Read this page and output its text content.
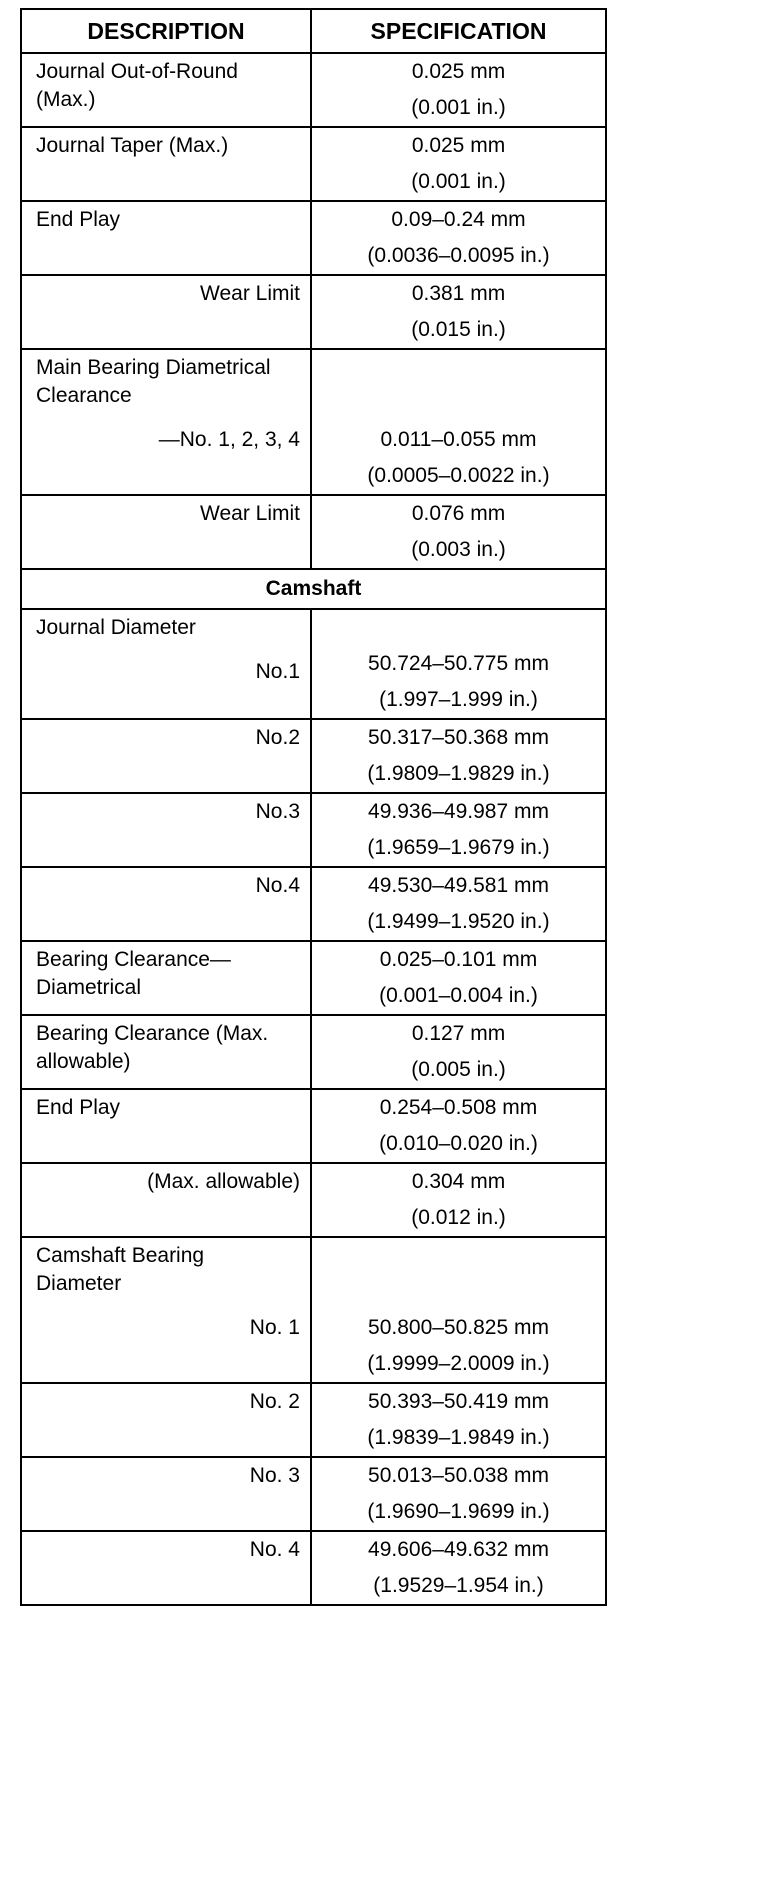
DESCRIPTION	SPECIFICATION

Journal Out-of-Round
(Max.)	0.025 mm
(0.001 in.)

Journal Taper (Max.)	0.025 mm
(0.001 in.)

End Play	0.09–0.24 mm
(0.0036–0.0095 in.)

Wear Limit	0.381 mm
(0.015 in.)

Main Bearing Diametrical
Clearance
—No. 1, 2, 3, 4	0.011–0.055 mm
(0.0005–0.0022 in.)

Wear Limit	0.076 mm
(0.003 in.)

Camshaft	

Journal Diameter
No.1	50.724–50.775 mm
(1.997–1.999 in.)

No.2	50.317–50.368 mm
(1.9809–1.9829 in.)

No.3	49.936–49.987 mm
(1.9659–1.9679 in.)

No.4	49.530–49.581 mm
(1.9499–1.9520 in.)

Bearing Clearance—
Diametrical	0.025–0.101 mm
(0.001–0.004 in.)

Bearing Clearance (Max.
allowable)	0.127 mm
(0.005 in.)

End Play	0.254–0.508 mm
(0.010–0.020 in.)

(Max. allowable)	0.304 mm
(0.012 in.)

Camshaft Bearing
Diameter
No. 1	50.800–50.825 mm
(1.9999–2.0009 in.)

No. 2	50.393–50.419 mm
(1.9839–1.9849 in.)

No. 3	50.013–50.038 mm
(1.9690–1.9699 in.)

No. 4	49.606–49.632 mm
(1.9529–1.954 in.)
